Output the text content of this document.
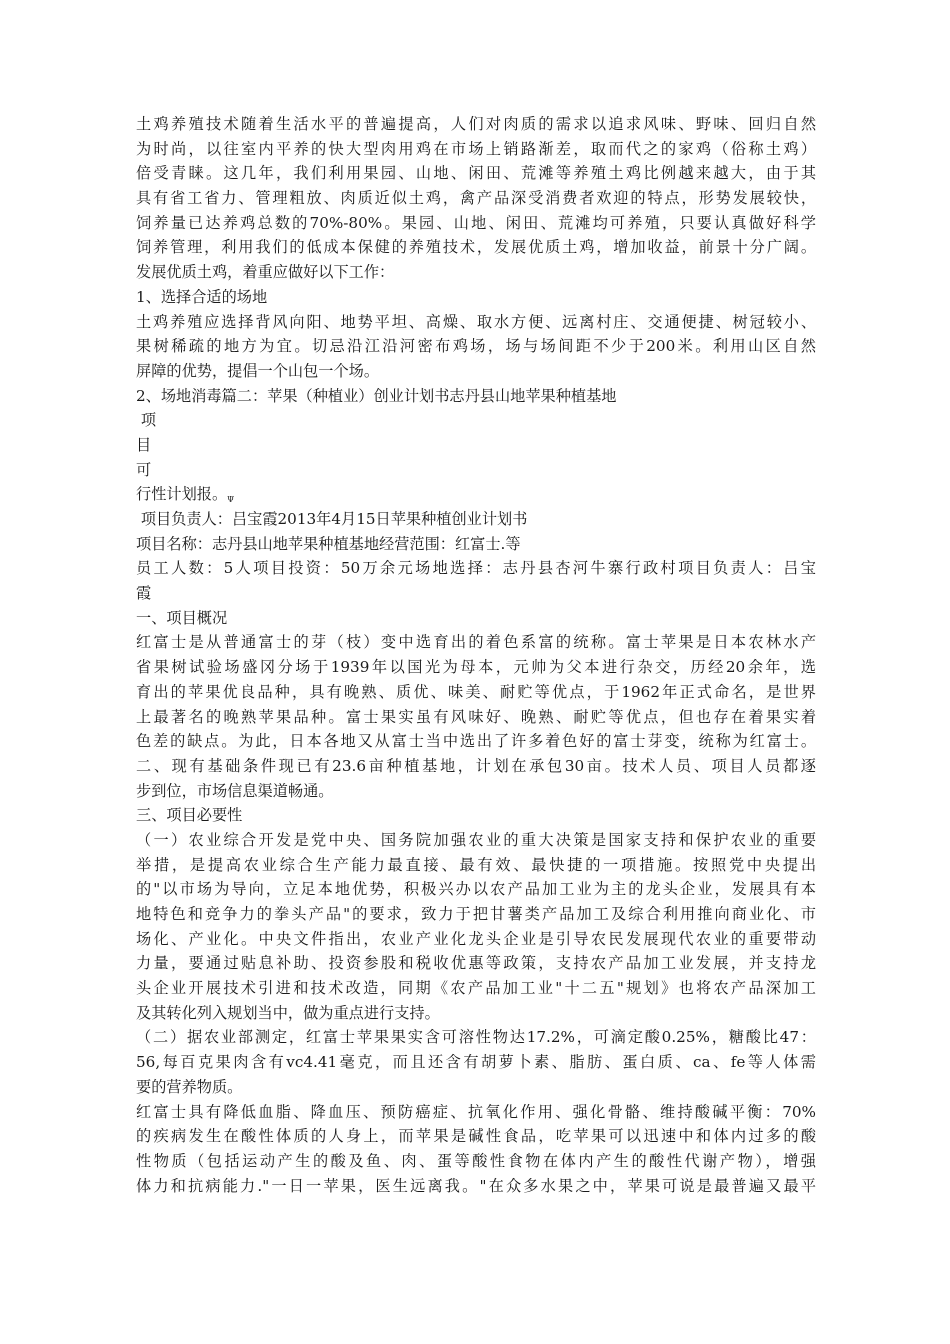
土鸡养殖技术随着生活水平的普遍提高，人们对肉质的需求以追求风味、野味、回归自然
为时尚，以往室内平养的快大型肉用鸡在市场上销路渐差，取而代之的家鸡（俗称土鸡）
倍受青睐。这几年，我们利用果园、山地、闲田、荒滩等养殖土鸡比例越来越大，由于其
具有省工省力、管理粗放、肉质近似土鸡，禽产品深受消费者欢迎的特点，形势发展较快，
饲养量已达养鸡总数的70%-80%。果园、山地、闲田、荒滩均可养殖，只要认真做好科学
饲养管理，利用我们的低成本保健的养殖技术，发展优质土鸡，增加收益，前景十分广阔。
发展优质土鸡，着重应做好以下工作：
1、选择合适的场地
土鸡养殖应选择背风向阳、地势平坦、高燥、取水方便、远离村庄、交通便捷、树冠较小、
果树稀疏的地方为宜。切忌沿江沿河密布鸡场，场与场间距不少于200米。利用山区自然
屏障的优势，提倡一个山包一个场。
2、场地消毒篇二：苹果（种植业）创业计划书志丹县山地苹果种植基地
项
目
可
行性计划报。$^\Psi$
项目负责人：吕宝霞2013年4月15日苹果种植创业计划书
项目名称：志丹县山地苹果种植基地经营范围：红富士.等
员工人数：5人项目投资：50万余元场地选择：志丹县杏河牛寨行政村项目负责人：吕宝
霞
一、项目概况
红富士是从普通富士的芽（枝）变中选育出的着色系富的统称。富士苹果是日本农林水产
省果树试验场盛冈分场于1939年以国光为母本，元帅为父本进行杂交，历经20余年，选
育出的苹果优良品种，具有晚熟、质优、味美、耐贮等优点，于1962年正式命名，是世界
上最著名的晚熟苹果品种。富士果实虽有风味好、晚熟、耐贮等优点，但也存在着果实着
色差的缺点。为此，日本各地又从富士当中选出了许多着色好的富士芽变，统称为红富士。
二、现有基础条件现已有23.6亩种植基地，计划在承包30亩。技术人员、项目人员都逐
步到位，市场信息渠道畅通。
三、项目必要性
（一）农业综合开发是党中央、国务院加强农业的重大决策是国家支持和保护农业的重要
举措，是提高农业综合生产能力最直接、最有效、最快捷的一项措施。按照党中央提出
的"以市场为导向，立足本地优势，积极兴办以农产品加工业为主的龙头企业，发展具有本
地特色和竞争力的拳头产品"的要求，致力于把甘薯类产品加工及综合利用推向商业化、市
场化、产业化。中央文件指出，农业产业化龙头企业是引导农民发展现代农业的重要带动
力量，要通过贴息补助、投资参股和税收优惠等政策，支持农产品加工业发展，并支持龙
头企业开展技术引进和技术改造，同期《农产品加工业"十二五"规划》也将农产品深加工
及其转化列入规划当中，做为重点进行支持。
（二）据农业部测定，红富士苹果果实含可溶性物达17.2%，可滴定酸0.25%，糖酸比47：
56,每百克果肉含有vc4.41毫克，而且还含有胡萝卜素、脂肪、蛋白质、ca、fe等人体需
要的营养物质。
红富士具有降低血脂、降血压、预防癌症、抗氧化作用、强化骨骼、维持酸碱平衡：70%
的疾病发生在酸性体质的人身上，而苹果是碱性食品，吃苹果可以迅速中和体内过多的酸
性物质（包括运动产生的酸及鱼、肉、蛋等酸性食物在体内产生的酸性代谢产物），增强
体力和抗病能力."一日一苹果，医生远离我。"在众多水果之中，苹果可说是最普遍又最平
